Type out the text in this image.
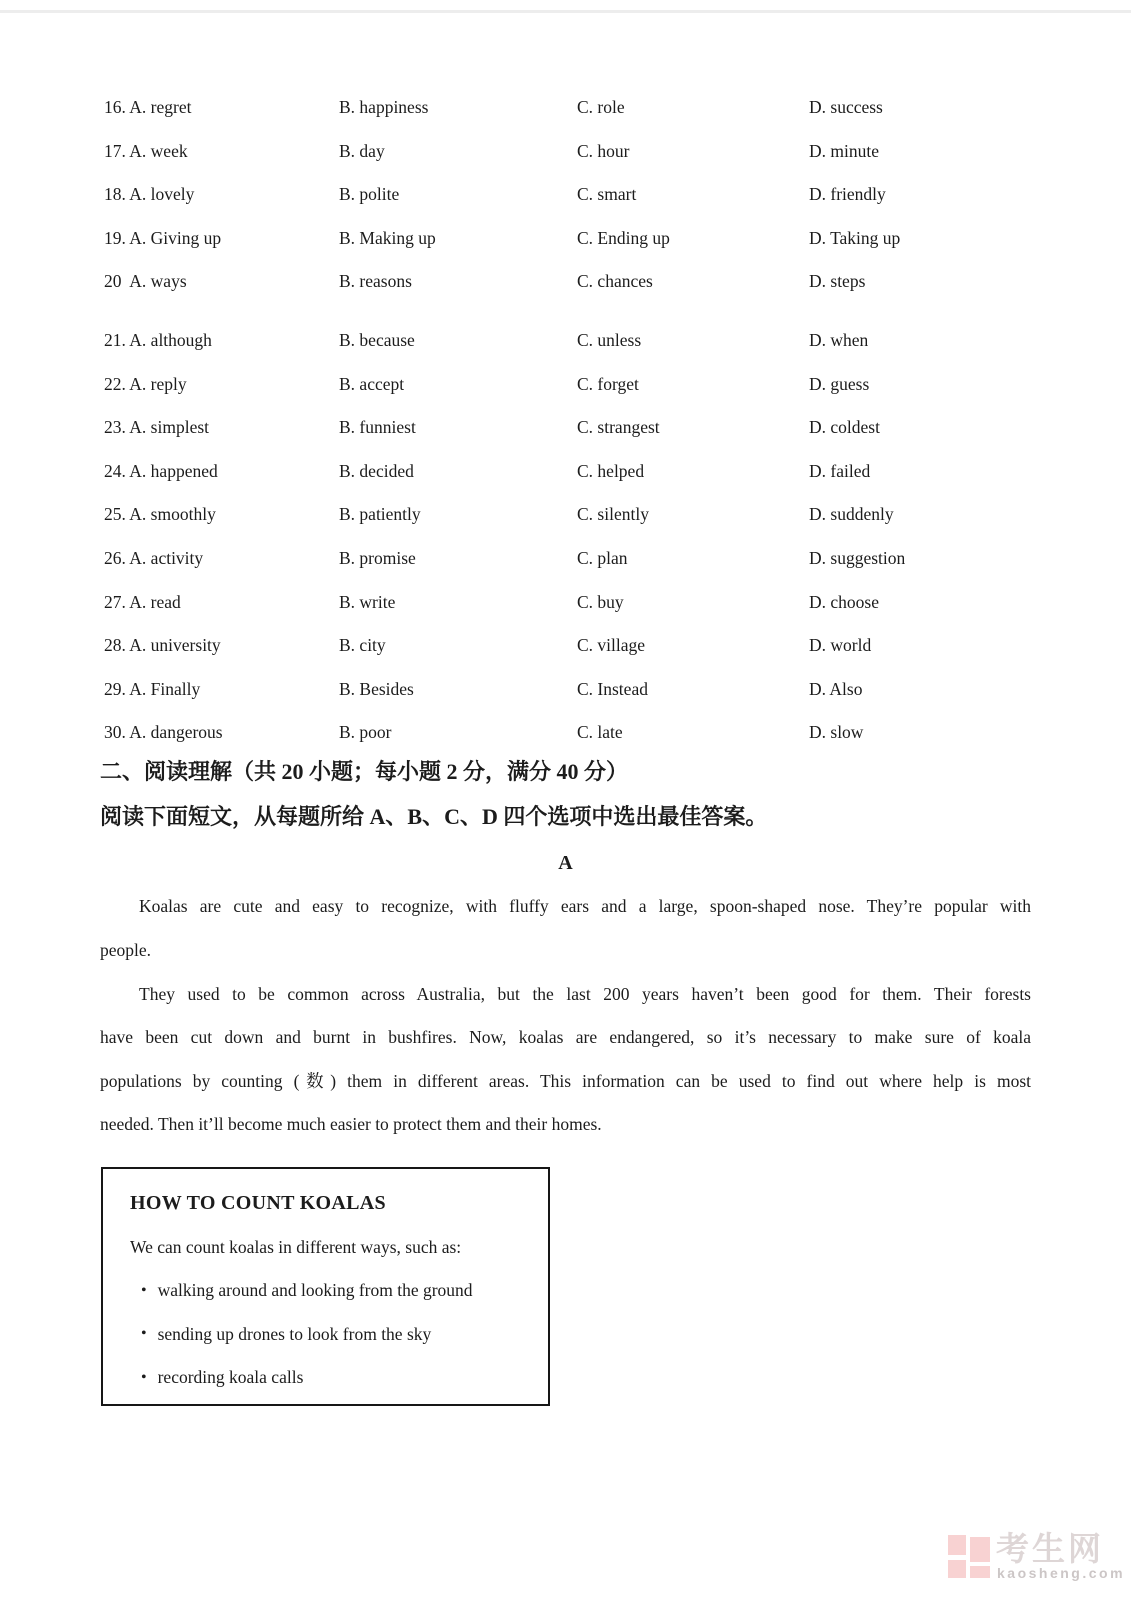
16. A. regret	B. happiness	C. role	D. success
17. A. week	B. day	C. hour	D. minute
18. A. lovely	B. polite	C. smart	D. friendly
19. A. Giving up	B. Making up	C. Ending up	D. Taking up
20  A. ways	B. reasons	C. chances	D. steps
21. A. although	B. because	C. unless	D. when
22. A. reply	B. accept	C. forget	D. guess
23. A. simplest	B. funniest	C. strangest	D. coldest
24. A. happened	B. decided	C. helped	D. failed
25. A. smoothly	B. patiently	C. silently	D. suddenly
26. A. activity	B. promise	C. plan	D. suggestion
27. A. read	B. write	C. buy	D. choose
28. A. university	B. city	C. village	D. world
29. A. Finally	B. Besides	C. Instead	D. Also
30. A. dangerous	B. poor	C. late	D. slow
二、阅读理解（共 20 小题；每小题 2 分，满分 40 分）
阅读下面短文，从每题所给 A、B、C、D 四个选项中选出最佳答案。
A
Koalas are cute and easy to recognize, with fluffy ears and a large, spoon-shaped nose. They’re popular with
people.
They used to be common across Australia, but the last 200 years haven’t been good for them. Their forests
have been cut down and burnt in bushfires. Now, koalas are endangered, so it’s necessary to make sure of koala
populations by counting (数) them in different areas. This information can be used to find out where help is most
needed. Then it’ll become much easier to protect them and their homes.
HOW TO COUNT KOALAS
We can count koalas in different ways, such as:
• walking around and looking from the ground
• sending up drones to look from the sky
• recording koala calls
考生网
kaosheng.com
